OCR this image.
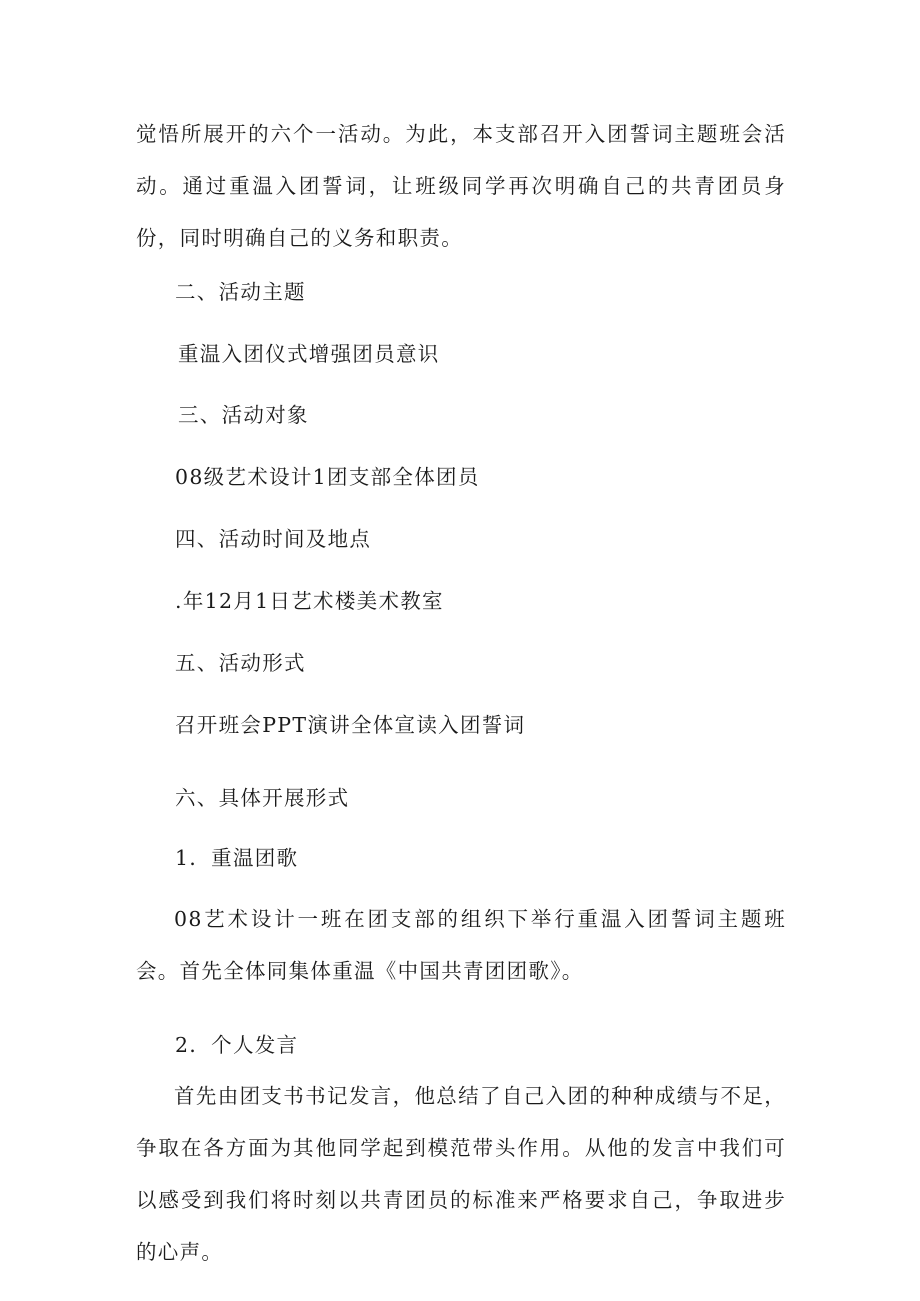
觉悟所展开的六个一活动。为此，本支部召开入团誓词主题班会活动。通过重温入团誓词，让班级同学再次明确自己的共青团员身份，同时明确自己的义务和职责。

二、活动主题

重温入团仪式增强团员意识

三、活动对象

08级艺术设计1团支部全体团员

四、活动时间及地点

.年12月1日艺术楼美术教室

五、活动形式

召开班会PPT演讲全体宣读入团誓词

六、具体开展形式

1．重温团歌

08艺术设计一班在团支部的组织下举行重温入团誓词主题班会。首先全体同集体重温《中国共青团团歌》。

2．个人发言

首先由团支书书记发言，他总结了自己入团的种种成绩与不足，争取在各方面为其他同学起到模范带头作用。从他的发言中我们可以感受到我们将时刻以共青团员的标准来严格要求自己，争取进步的心声。
